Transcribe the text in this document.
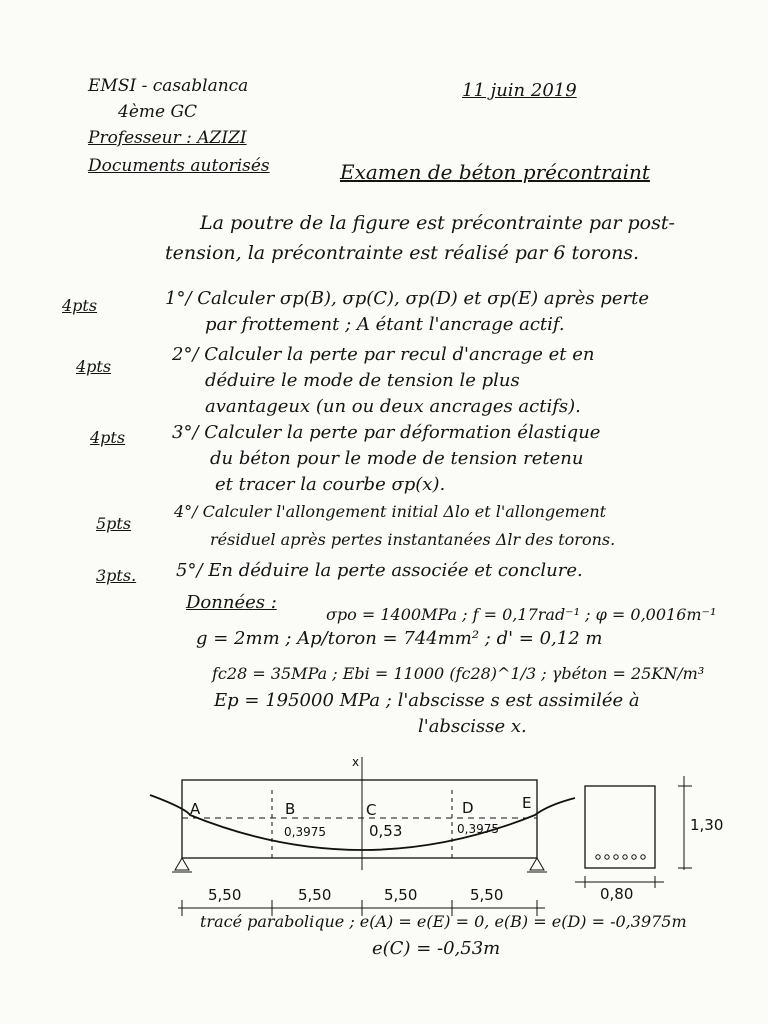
EMSI - casablanca
4ème GC
Professeur : AZIZI
Documents autorisés
11 juin 2019
Examen de béton précontraint
La poutre de la figure est précontrainte par post-
tension, la précontrainte est réalisé par 6 torons.
4pts	1°/ Calculer σp(B), σp(C), σp(D) et σp(E) après perte
par frottement ; A étant l'ancrage actif.
4pts
2°/ Calculer la perte par recul d'ancrage et en
déduire le mode de tension le plus
avantageux (un ou deux ancrages actifs).
4pts	3°/ Calculer la perte par déformation élastique
du béton pour le mode de tension retenu
et tracer la courbe σp(x).
5pts
4°/ Calculer l'allongement initial Δlo et l'allongement
résiduel après pertes instantanées Δlr des torons.
3pts. 5°/ En déduire la perte associée et conclure.
Données :
σpo = 1400MPa ; f = 0,17rad⁻¹ ; φ = 0,0016m⁻¹
g = 2mm ; Ap/toron = 744mm² ; d' = 0,12 m
fc28 = 35MPa ; Ebi = 11000 (fc28)^1/3 ; γbéton = 25KN/m³
Ep = 195000 MPa ; l'abscisse s est assimilée à
l'abscisse x.
x
A	B	C	D	E
0,3975	0,53	0,3975
5,50	5,50	5,50	5,50
1,30
0,80
tracé parabolique ; e(A) = e(E) = 0, e(B) = e(D) = -0,3975m
e(C) = -0,53m
